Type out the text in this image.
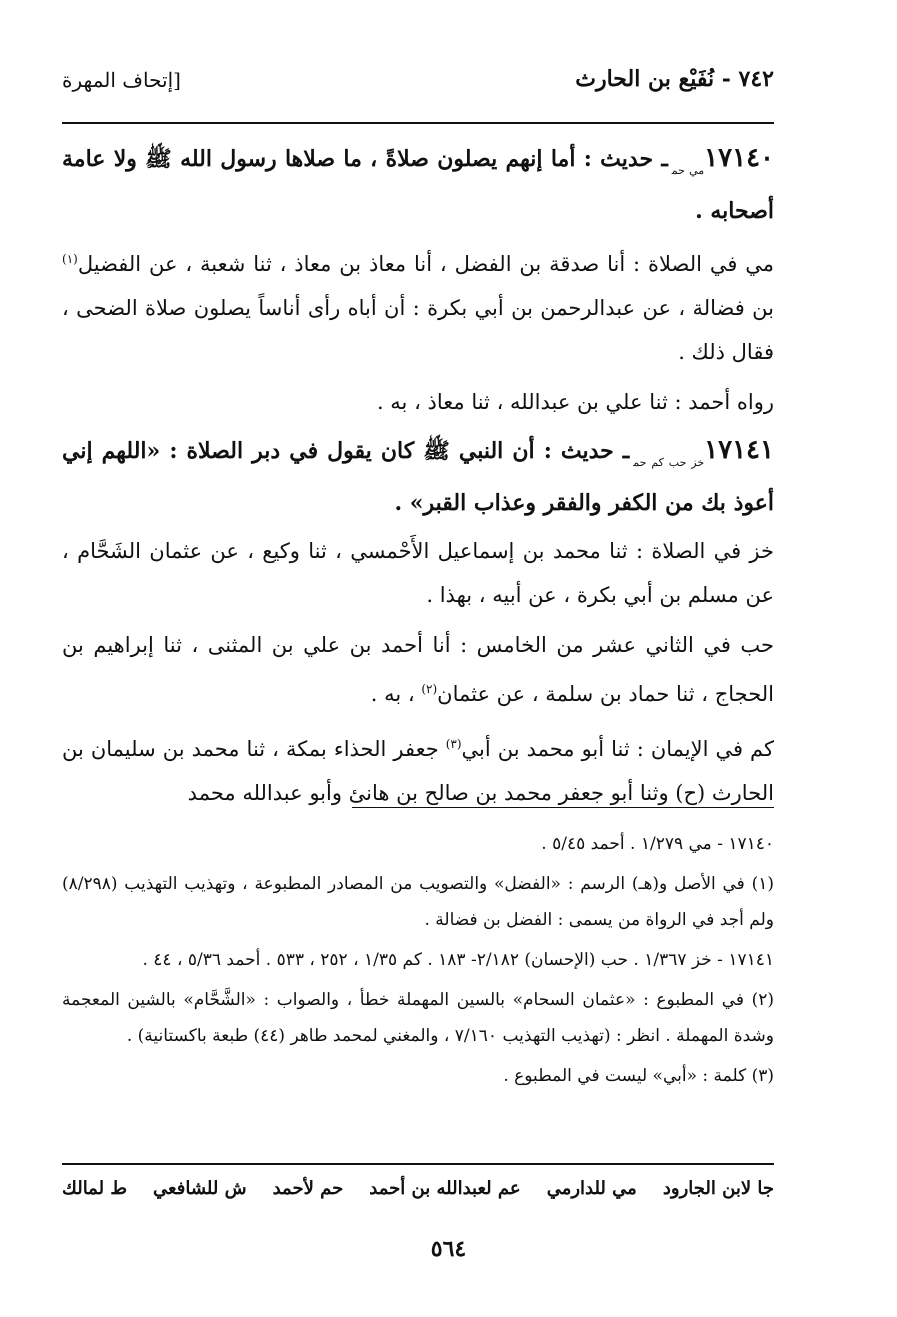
٧٤٢ - نُفَيْع بن الحارث
[إتحاف المهرة

$١٧١٤٠_{مي حم}ـ$ حديث : أما إنهم يصلون صلاةً ، ما صلاها رسول الله ﷺ ولا عامة أصحابه .

مي في الصلاة : أنا صدقة بن الفضل ، أنا معاذ بن معاذ ، ثنا شعبة ، عن الفضيل$^{(١)}$ بن فضالة ، عن عبدالرحمن بن أبي بكرة : أن أباه رأى أناساً يصلون صلاة الضحى ، فقال ذلك .

رواه أحمد : ثنا علي بن عبدالله ، ثنا معاذ ، به .

$١٧١٤١_{خز حب كم حم}ـ$ حديث : أن النبي ﷺ كان يقول في دبر الصلاة : «اللهم إني أعوذ بك من الكفر والفقر وعذاب القبر» .

خز في الصلاة : ثنا محمد بن إسماعيل الأَحْمسي ، ثنا وكيع ، عن عثمان الشَحَّام ، عن مسلم بن أبي بكرة ، عن أبيه ، بهذا .

حب في الثاني عشر من الخامس : أنا أحمد بن علي بن المثنى ، ثنا إبراهيم بن الحجاج ، ثنا حماد بن سلمة ، عن عثمان$^{(٢)}$ ، به .

كم في الإيمان : ثنا أبو محمد بن أبي$^{(٣)}$ جعفر الحذاء بمكة ، ثنا محمد بن سليمان بن الحارث (ح) وثنا أبو جعفر محمد بن صالح بن هانئ وأبو عبدالله محمد

١٧١٤٠ - مي ١/٢٧٩ . أحمد ٥/٤٥ .

(١) في الأصل و(هـ) الرسم : «الفضل» والتصويب من المصادر المطبوعة ، وتهذيب التهذيب (٨/٢٩٨) ولم أجد في الرواة من يسمى : الفضل بن فضالة .

١٧١٤١ - خز ١/٣٦٧ . حب (الإحسان) ٢/١٨٢- ١٨٣ . كم ١/٣٥ ، ٢٥٢ ، ٥٣٣ . أحمد ٥/٣٦ ، ٤٤ .

(٢) في المطبوع : «عثمان السحام» بالسين المهملة خطأ ، والصواب : «الشَّحَّام» بالشين المعجمة وشدة المهملة . انظر : (تهذيب التهذيب ٧/١٦٠ ، والمغني لمحمد طاهر (٤٤) طبعة باكستانية) .

(٣) كلمة : «أبي» ليست في المطبوع .

ط لمالك ش للشافعي حم لأحمد عم لعبدالله بن أحمد مي للدارمي جا لابن الجارود
٥٦٤
